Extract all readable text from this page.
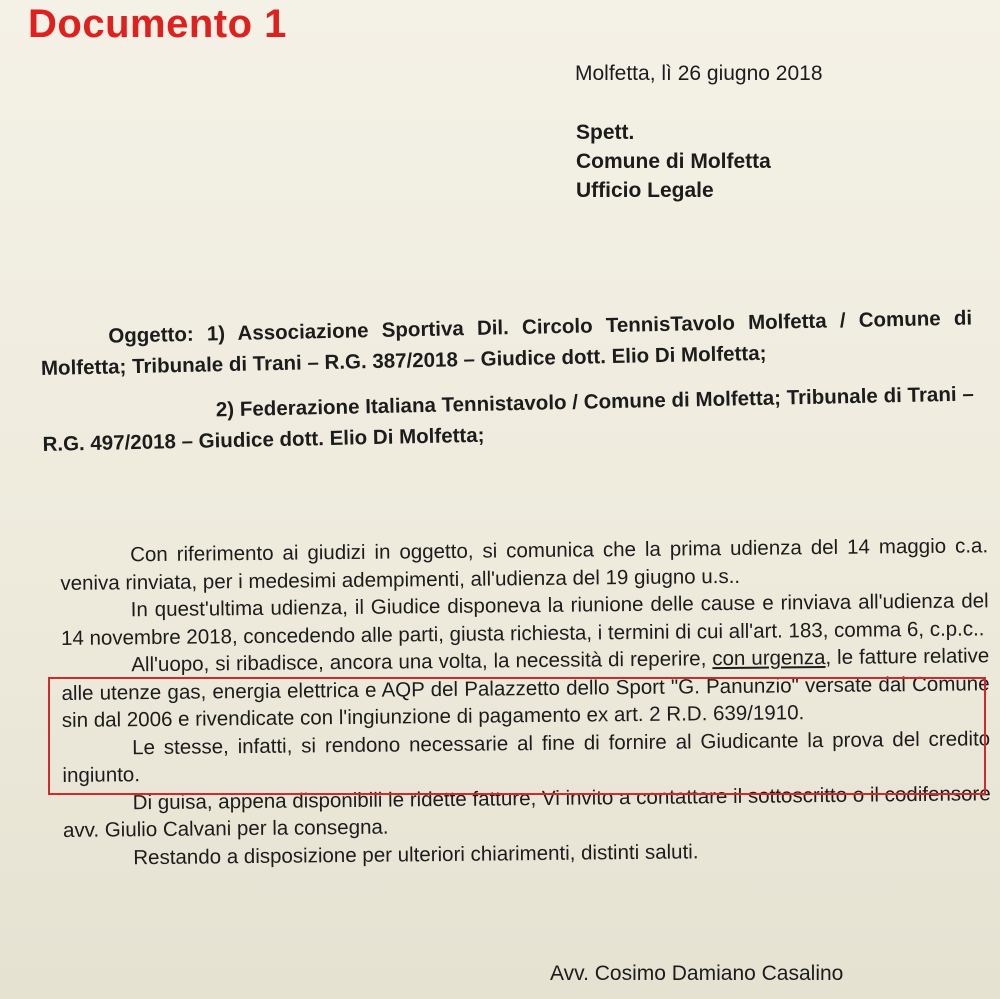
Documento 1
Molfetta, lì 26 giugno 2018
Spett.
Comune di Molfetta
Ufficio Legale

Oggetto: 1) Associazione Sportiva Dil. Circolo TennisTavolo Molfetta / Comune di Molfetta; Tribunale di Trani – R.G. 387/2018 – Giudice dott. Elio Di Molfetta;

2) Federazione Italiana Tennistavolo / Comune di Molfetta; Tribunale di Trani – R.G. 497/2018 – Giudice dott. Elio Di Molfetta;

Con riferimento ai giudizi in oggetto, si comunica che la prima udienza del 14 maggio c.a. veniva rinviata, per i medesimi adempimenti, all'udienza del 19 giugno u.s..

In quest'ultima udienza, il Giudice disponeva la riunione delle cause e rinviava all'udienza del 14 novembre 2018, concedendo alle parti, giusta richiesta, i termini di cui all'art. 183, comma 6, c.p.c..

All'uopo, si ribadisce, ancora una volta, la necessità di reperire, con urgenza, le fatture relative alle utenze gas, energia elettrica e AQP del Palazzetto dello Sport "G. Panunzio" versate dal Comune sin dal 2006 e rivendicate con l'ingiunzione di pagamento ex art. 2 R.D. 639/1910.

Le stesse, infatti, si rendono necessarie al fine di fornire al Giudicante la prova del credito ingiunto.

Di guisa, appena disponibili le ridette fatture, Vi invito a contattare il sottoscritto o il codifensore avv. Giulio Calvani per la consegna.

Restando a disposizione per ulteriori chiarimenti, distinti saluti.

Avv. Cosimo Damiano Casalino
